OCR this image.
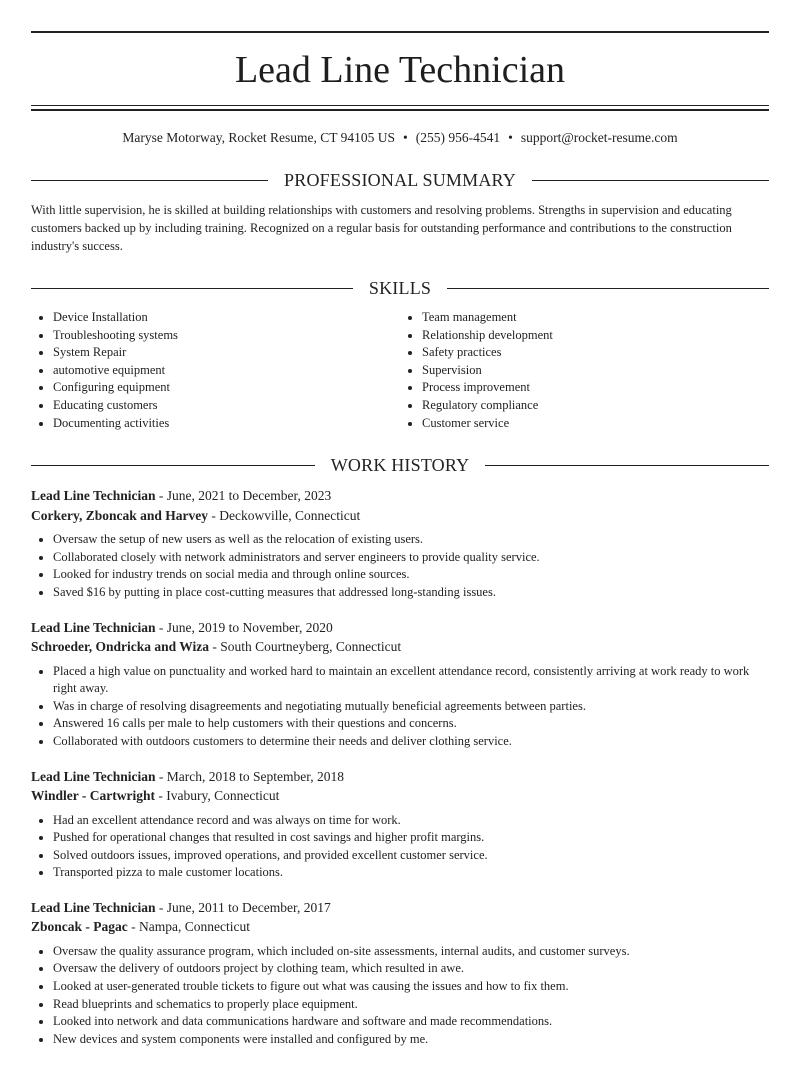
Lead Line Technician
Maryse Motorway, Rocket Resume, CT 94105 US • (255) 956-4541 • support@rocket-resume.com
PROFESSIONAL SUMMARY
With little supervision, he is skilled at building relationships with customers and resolving problems. Strengths in supervision and educating customers backed up by including training. Recognized on a regular basis for outstanding performance and contributions to the construction industry's success.
SKILLS
• Device Installation
• Troubleshooting systems
• System Repair
• automotive equipment
• Configuring equipment
• Educating customers
• Documenting activities
• Team management
• Relationship development
• Safety practices
• Supervision
• Process improvement
• Regulatory compliance
• Customer service
WORK HISTORY
Lead Line Technician - June, 2021 to December, 2023
Corkery, Zboncak and Harvey - Deckowville, Connecticut
• Oversaw the setup of new users as well as the relocation of existing users.
• Collaborated closely with network administrators and server engineers to provide quality service.
• Looked for industry trends on social media and through online sources.
• Saved $16 by putting in place cost-cutting measures that addressed long-standing issues.
Lead Line Technician - June, 2019 to November, 2020
Schroeder, Ondricka and Wiza - South Courtneyberg, Connecticut
• Placed a high value on punctuality and worked hard to maintain an excellent attendance record, consistently arriving at work ready to work right away.
• Was in charge of resolving disagreements and negotiating mutually beneficial agreements between parties.
• Answered 16 calls per male to help customers with their questions and concerns.
• Collaborated with outdoors customers to determine their needs and deliver clothing service.
Lead Line Technician - March, 2018 to September, 2018
Windler - Cartwright - Ivabury, Connecticut
• Had an excellent attendance record and was always on time for work.
• Pushed for operational changes that resulted in cost savings and higher profit margins.
• Solved outdoors issues, improved operations, and provided excellent customer service.
• Transported pizza to male customer locations.
Lead Line Technician - June, 2011 to December, 2017
Zboncak - Pagac - Nampa, Connecticut
• Oversaw the quality assurance program, which included on-site assessments, internal audits, and customer surveys.
• Oversaw the delivery of outdoors project by clothing team, which resulted in awe.
• Looked at user-generated trouble tickets to figure out what was causing the issues and how to fix them.
• Read blueprints and schematics to properly place equipment.
• Looked into network and data communications hardware and software and made recommendations.
• New devices and system components were installed and configured by me.
